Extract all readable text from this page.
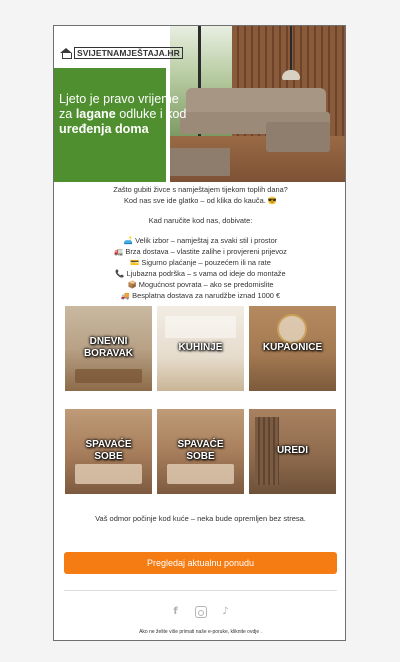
SVIJETNAMJEŠTAJA.HR
Ljeto je pravo vrijeme za lagane odluke i kod uređenja doma

Zašto gubiti živce s namještajem tijekom toplih dana?

Kod nas sve ide glatko – od klika do kauča. 😎

Kad naručite kod nas, dobivate:

🛋️ Velik izbor – namještaj za svaki stil i prostor

🚛 Brza dostava – vlastite zalihe i provjereni prijevoz

💳 Sigurno plaćanje – pouzećem ili na rate

📞 Ljubazna podrška – s vama od ideje do montaže

📦 Mogućnost povrata – ako se predomislite

🚚 Besplatna dostava za narudžbe iznad 1000 €

DNEVNI
BORAVAK
KUHINJE	KUPAONICE
SPAVAĆE
SOBE
SPAVAĆE
SOBE
UREDI
Vaš odmor počinje kod kuće – neka bude opremljen bez stresa.
Pregledaj aktualnu ponudu
f	♪
Ako ne želite više primati naše e-poruke, kliknite ovdje .
